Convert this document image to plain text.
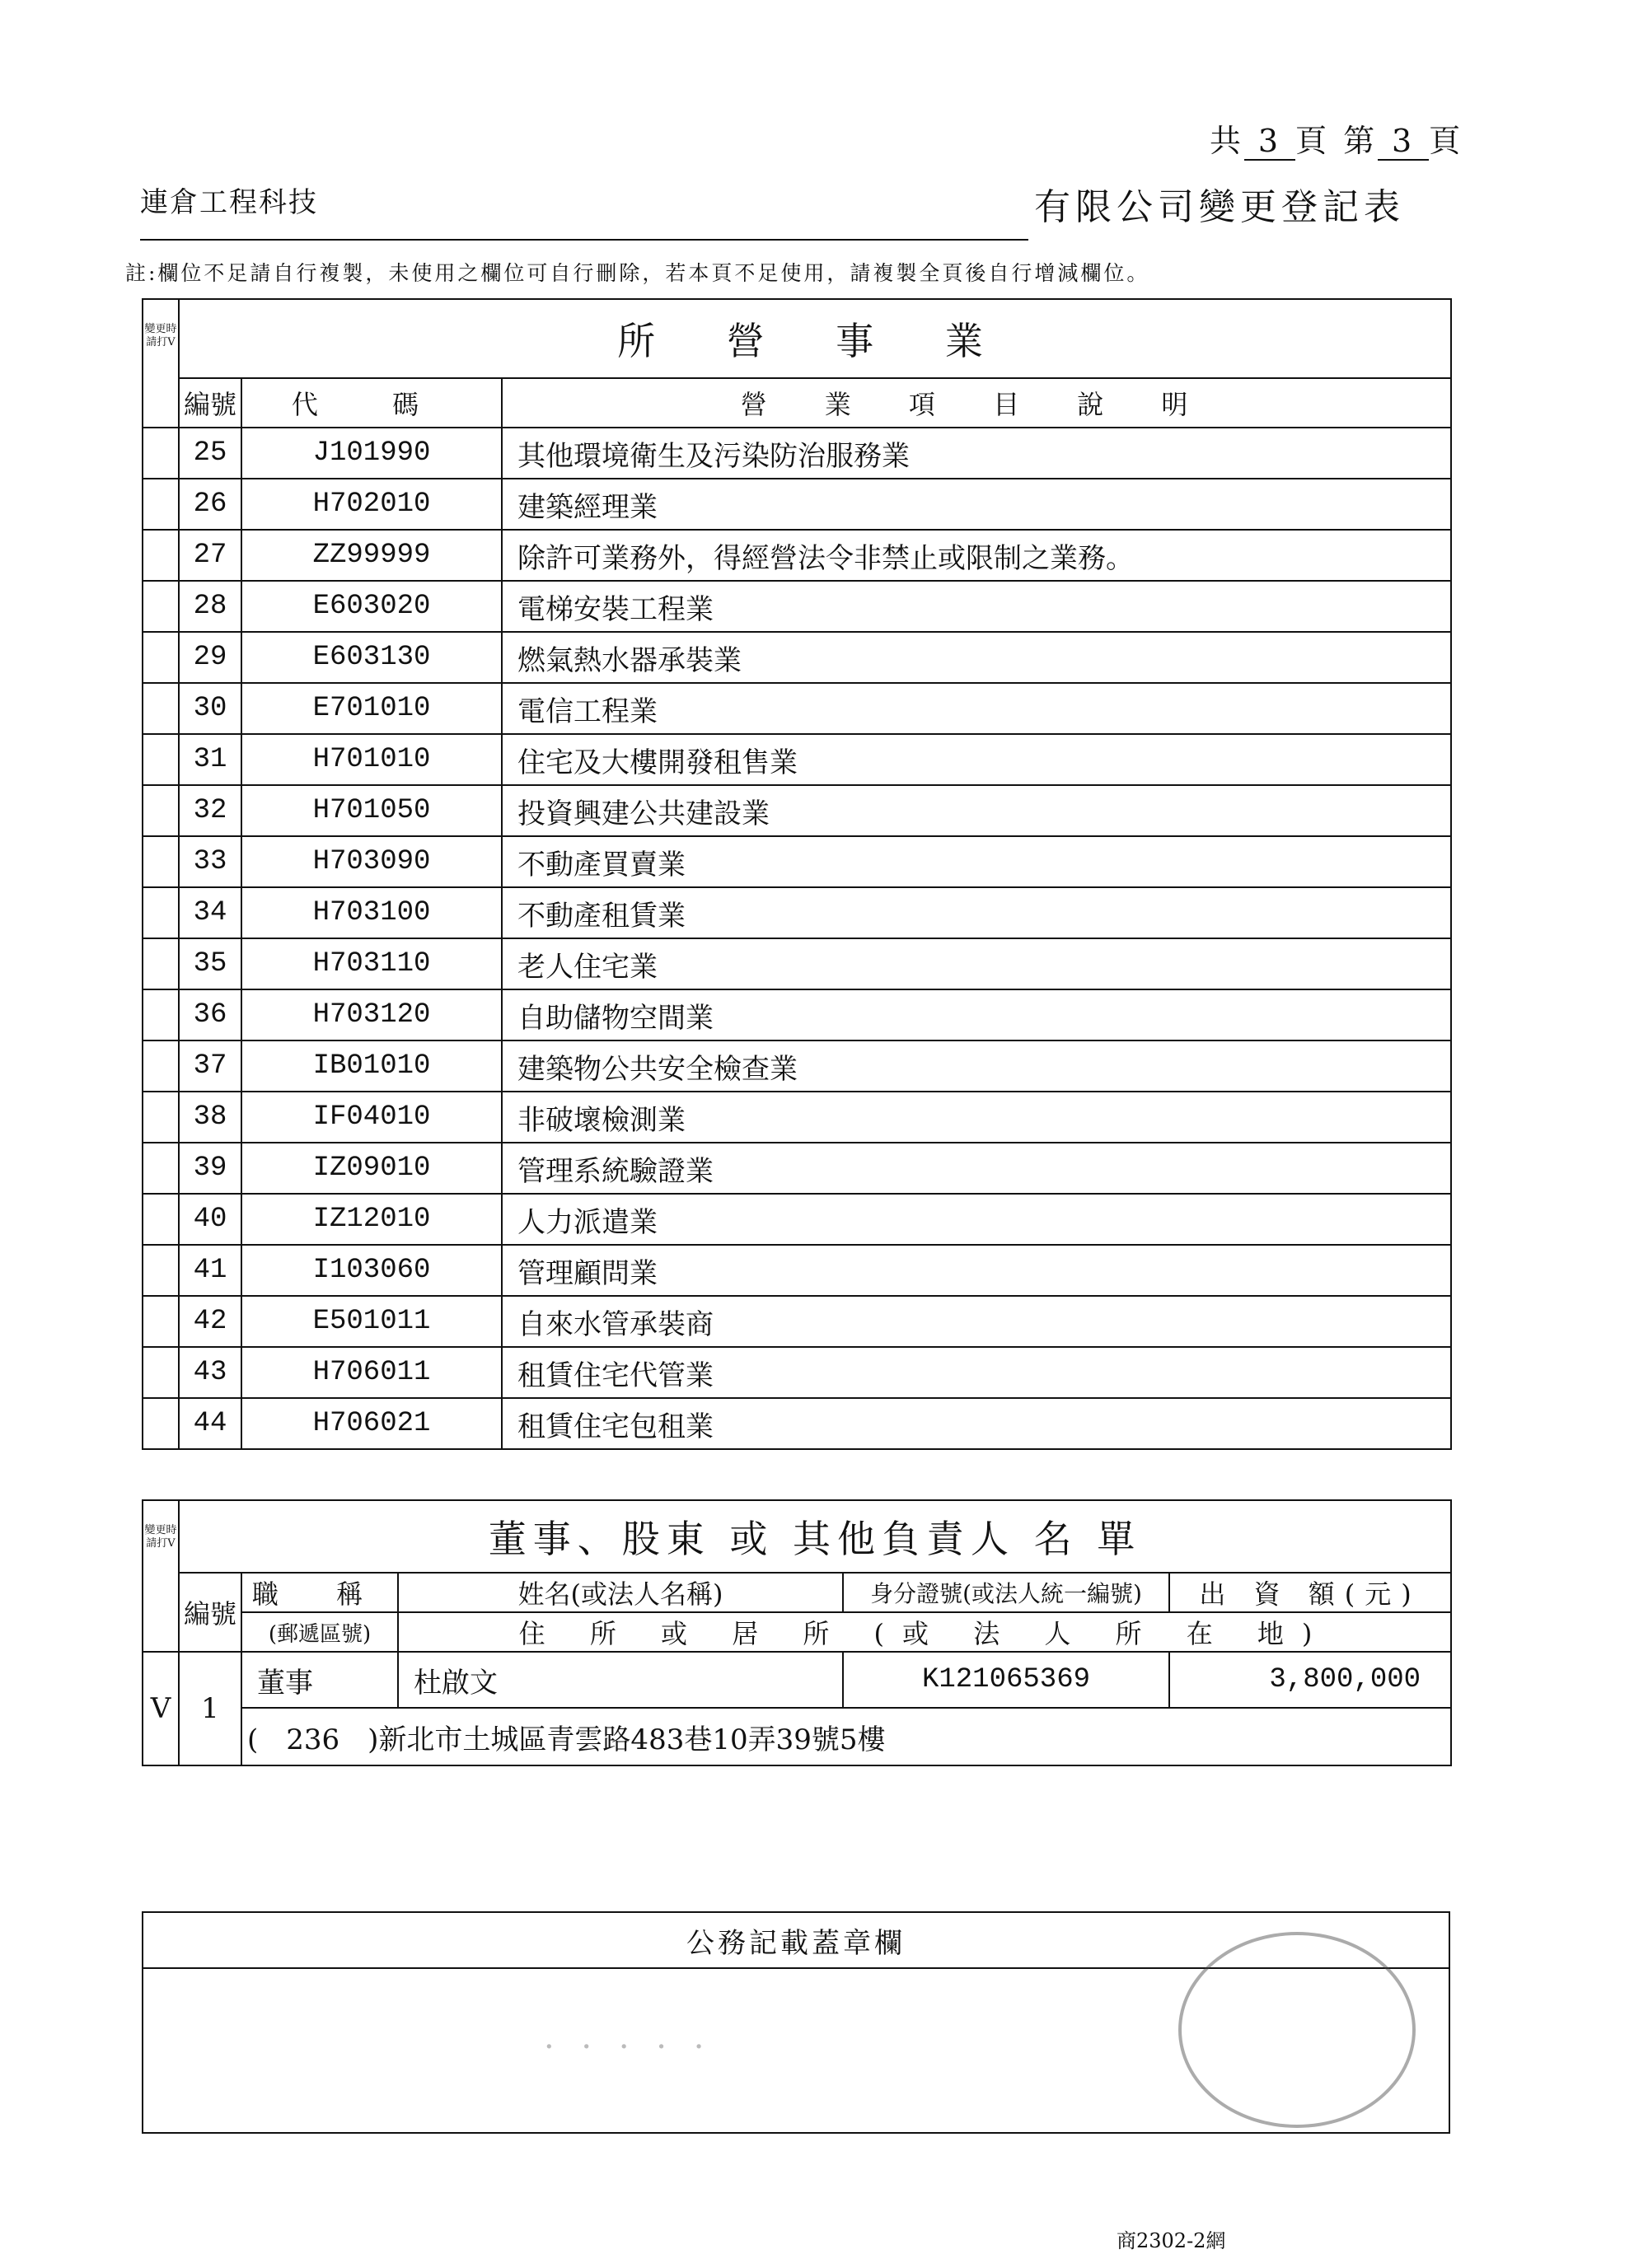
共 3 頁 第 3 頁
連倉工程科技	有限公司變更登記表
註:欄位不足請自行複製，未使用之欄位可自行刪除，若本頁不足使用，請複製全頁後自行增減欄位。
變更時請打V	所 營 事 業		
	編號	代 碼	營 業 項 目 說 明
	25	J101990	其他環境衛生及污染防治服務業
	26	H702010	建築經理業
	27	ZZ99999	除許可業務外，得經營法令非禁止或限制之業務。
	28	E603020	電梯安裝工程業
	29	E603130	燃氣熱水器承裝業
	30	E701010	電信工程業
	31	H701010	住宅及大樓開發租售業
	32	H701050	投資興建公共建設業
	33	H703090	不動產買賣業
	34	H703100	不動產租賃業
	35	H703110	老人住宅業
	36	H703120	自助儲物空間業
	37	IB01010	建築物公共安全檢查業
	38	IF04010	非破壞檢測業
	39	IZ09010	管理系統驗證業
	40	IZ12010	人力派遣業
	41	I103060	管理顧問業
	42	E501011	自來水管承裝商
	43	H706011	租賃住宅代管業
	44	H706021	租賃住宅包租業
變更時請打V	董事、股東 或 其他負責人 名 單				
	編號	職 稱	姓名(或法人名稱)	身分證號(或法人統一編號)	出 資 額(元)
		(郵遞區號)	住 所 或 居 所 (或 法 人 所 在 地)		
V	1	董事	杜啟文	K121065369	3,800,000
		(　236　)新北市土城區青雲路483巷10弄39號5樓			
公務記載蓋章欄

· · · · ·
商2302-2網
